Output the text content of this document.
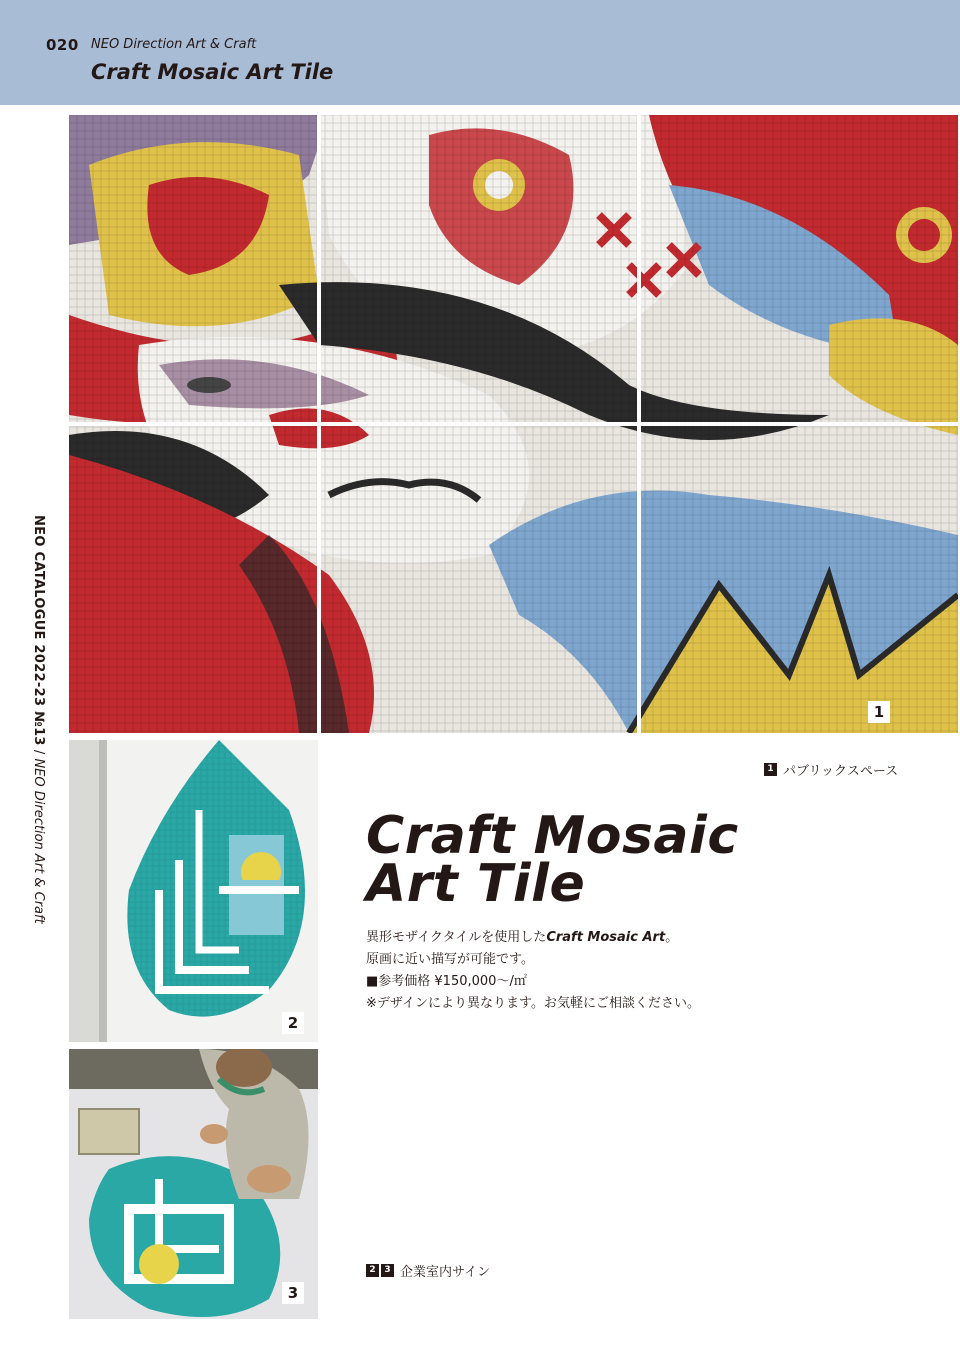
020 NEO Direction Art & Craft
Craft Mosaic Art Tile
NEO CATALOGUE 2022-23 №13 / NEO Direction Art & Craft
1
2
3
1 パブリックスペース
Craft Mosaic
Art Tile

異形モザイクタイルを使用したCraft Mosaic Art。

原画に近い描写が可能です。

■参考価格 ¥150,000～/㎡

※デザインにより異なります。お気軽にご相談ください。

2 3 企業室内サイン
